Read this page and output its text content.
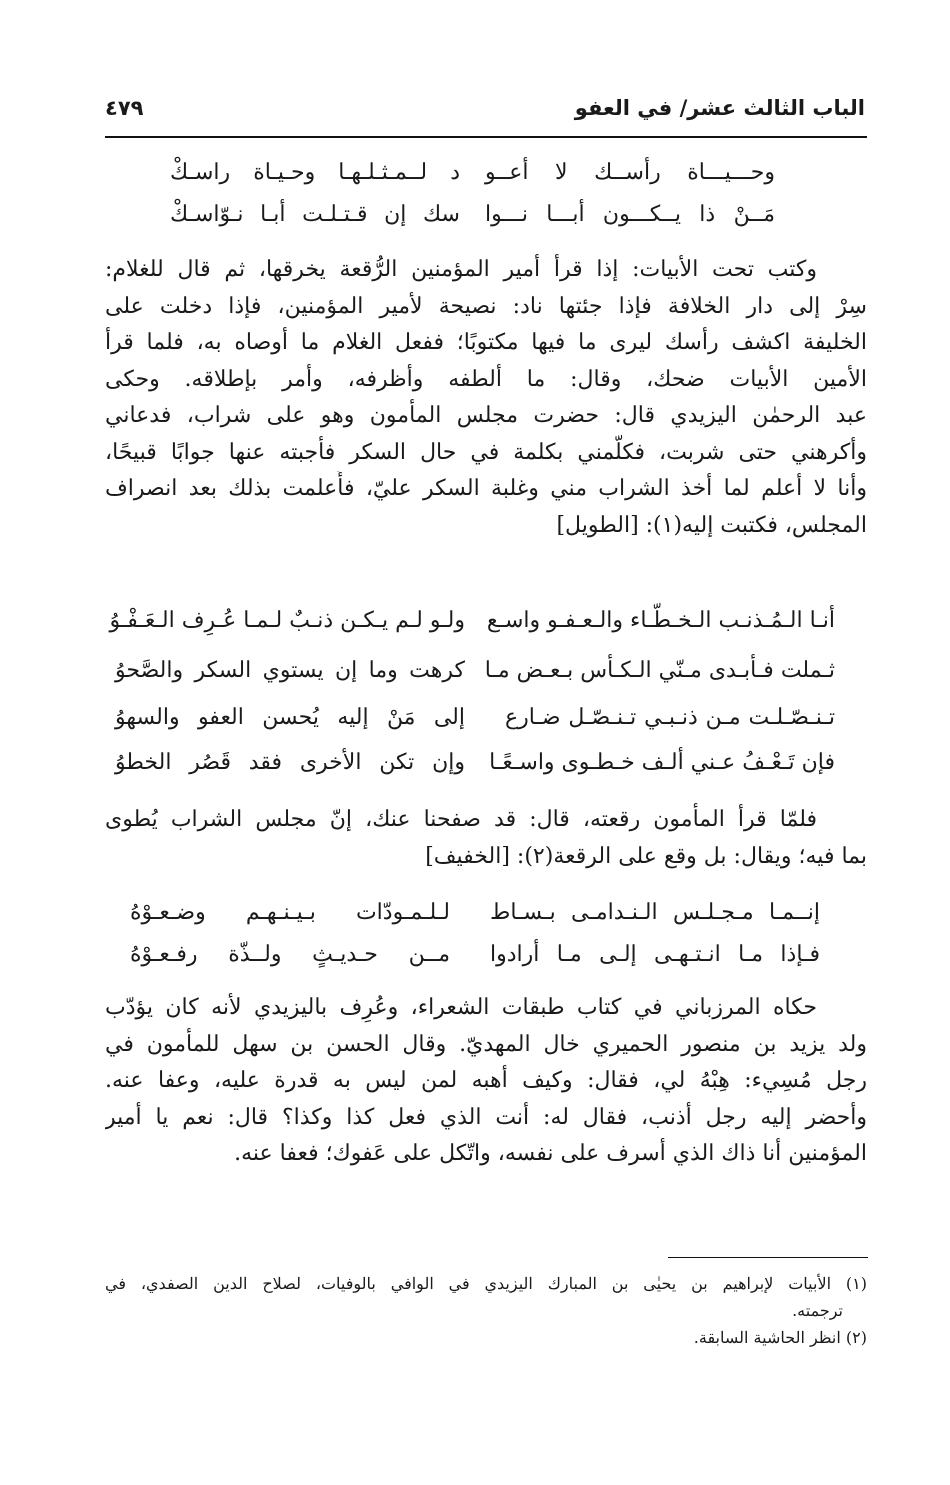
الباب الثالث عشر/ في العفو
٤٧٩
وحـــيـــاة رأســك لا أعــو
د لــمـثـلـهـا وحـيـاة راسـكْ
مَــنْ ذا يــكـــون أبـــا نـــوا
سك إن قـتـلـت أبـا نـوّاسـكْ
وكتب تحت الأبيات: إذا قرأ أمير المؤمنين الرُّقعة يخرقها، ثم قال للغلام:
سِرْ إلى دار الخلافة فإذا جئتها ناد: نصيحة لأمير المؤمنين، فإذا دخلت على
الخليفة اكشف رأسك ليرى ما فيها مكتوبًا؛ ففعل الغلام ما أوصاه به، فلما قرأ
الأمين الأبيات ضحك، وقال: ما ألطفه وأظرفه، وأمر بإطلاقه. وحكى
عبد الرحمٰن اليزيدي قال: حضرت مجلس المأمون وهو على شراب، فدعاني
وأكرهني حتى شربت، فكلّمني بكلمة في حال السكر فأجبته عنها جوابًا قبيحًا،
وأنا لا أعلم لما أخذ الشراب مني وغلبة السكر عليّ، فأُعلمت بذلك بعد انصراف
المجلس، فكتبت إليه(١): [الطويل]
أنـا الـمُـذنـب الـخـطّـاء والـعـفـو واسـع
ولـو لـم يـكـن ذنـبٌ لـمـا عُـرِف الـعَـفْـوُ
ثـملت فـأبـدى مـنّي الـكـأس بـعـض مـا
كرهت وما إن يستوي السكر والصَّحوُ
تـنـصّـلـت مـن ذنـبـي تـنـصّـل ضـارع
إلى مَنْ إليه يُحسن العفو والسهوُ
فإن تَـعْـفُ عـني ألـف خـطـوى واسـعًـا
وإن تكن الأخرى فقد قَصُر الخطوُ
فلمّا قرأ المأمون رقعته، قال: قد صفحنا عنك، إنّ مجلس الشراب يُطوى
بما فيه؛ ويقال: بل وقع على الرقعة(٢): [الخفيف]
إنــمـا مـجـلـس الـنـدامـى بـسـاط
لـلـمـودّات بـيـنـهـم وضـعـوْهُ
فـإذا مـا انـتـهـى إلـى مـا أرادوا
مــن حـديـثٍ ولــذّة رفـعـوْهُ
حكاه المرزباني في كتاب طبقات الشعراء، وعُرِف باليزيدي لأنه كان يؤدّب
ولد يزيد بن منصور الحميري خال المهديّ. وقال الحسن بن سهل للمأمون في
رجل مُسِيء: هِبْهُ لي، فقال: وكيف أهبه لمن ليس به قدرة عليه، وعفا عنه.
وأحضر إليه رجل أذنب، فقال له: أنت الذي فعل كذا وكذا؟ قال: نعم يا أمير
المؤمنين أنا ذاك الذي أسرف على نفسه، واتّكل على عَفوك؛ فعفا عنه.
(١) الأبيات لإبراهيم بن يحيٰى بن المبارك اليزيدي في الوافي بالوفيات، لصلاح الدين الصفدي، في
ترجمته.
(٢) انظر الحاشية السابقة.
